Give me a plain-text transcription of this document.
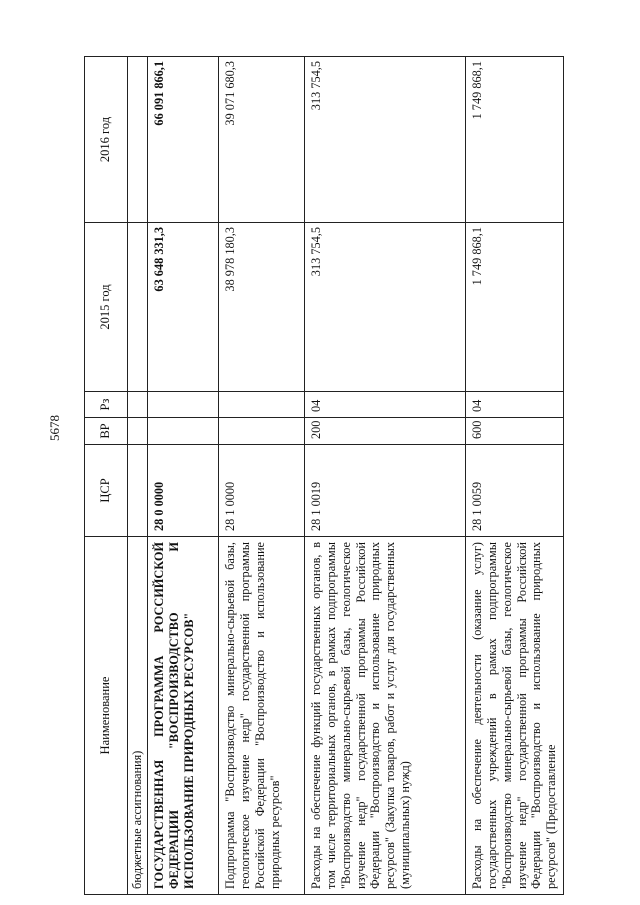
5678
Наименование	ЦСР	ВР	Рз	2015 год	2016 год
бюджетные ассигнования)					
ГОСУДАРСТВЕННАЯ ПРОГРАММА РОССИЙСКОЙ ФЕДЕРАЦИИ "ВОСПРОИЗВОДСТВО И ИСПОЛЬЗОВАНИЕ ПРИРОДНЫХ РЕСУРСОВ"	28 0 0000			63 648 331,3	66 091 866,1
Подпрограмма "Воспроизводство минерально-сырьевой базы, геологическое изучение недр" государственной программы Российской Федерации "Воспроизводство и использование природных ресурсов"	28 1 0000			38 978 180,3	39 071 680,3
Расходы на обеспечение функций государственных органов, в том числе территориальных органов, в рамках подпрограммы "Воспроизводство минерально-сырьевой базы, геологическое изучение недр" государственной программы Российской Федерации "Воспроизводство и использование природных ресурсов" (Закупка товаров, работ и услуг для государственных (муниципальных) нужд)	28 1 0019	200	04	313 754,5	313 754,5
Расходы на обеспечение деятельности (оказание услуг) государственных учреждений в рамках подпрограммы "Воспроизводство минерально-сырьевой базы, геологическое изучение недр" государственной программы Российской Федерации "Воспроизводство и использование природных ресурсов" (Предоставление	28 1 0059	600	04	1 749 868,1	1 749 868,1
